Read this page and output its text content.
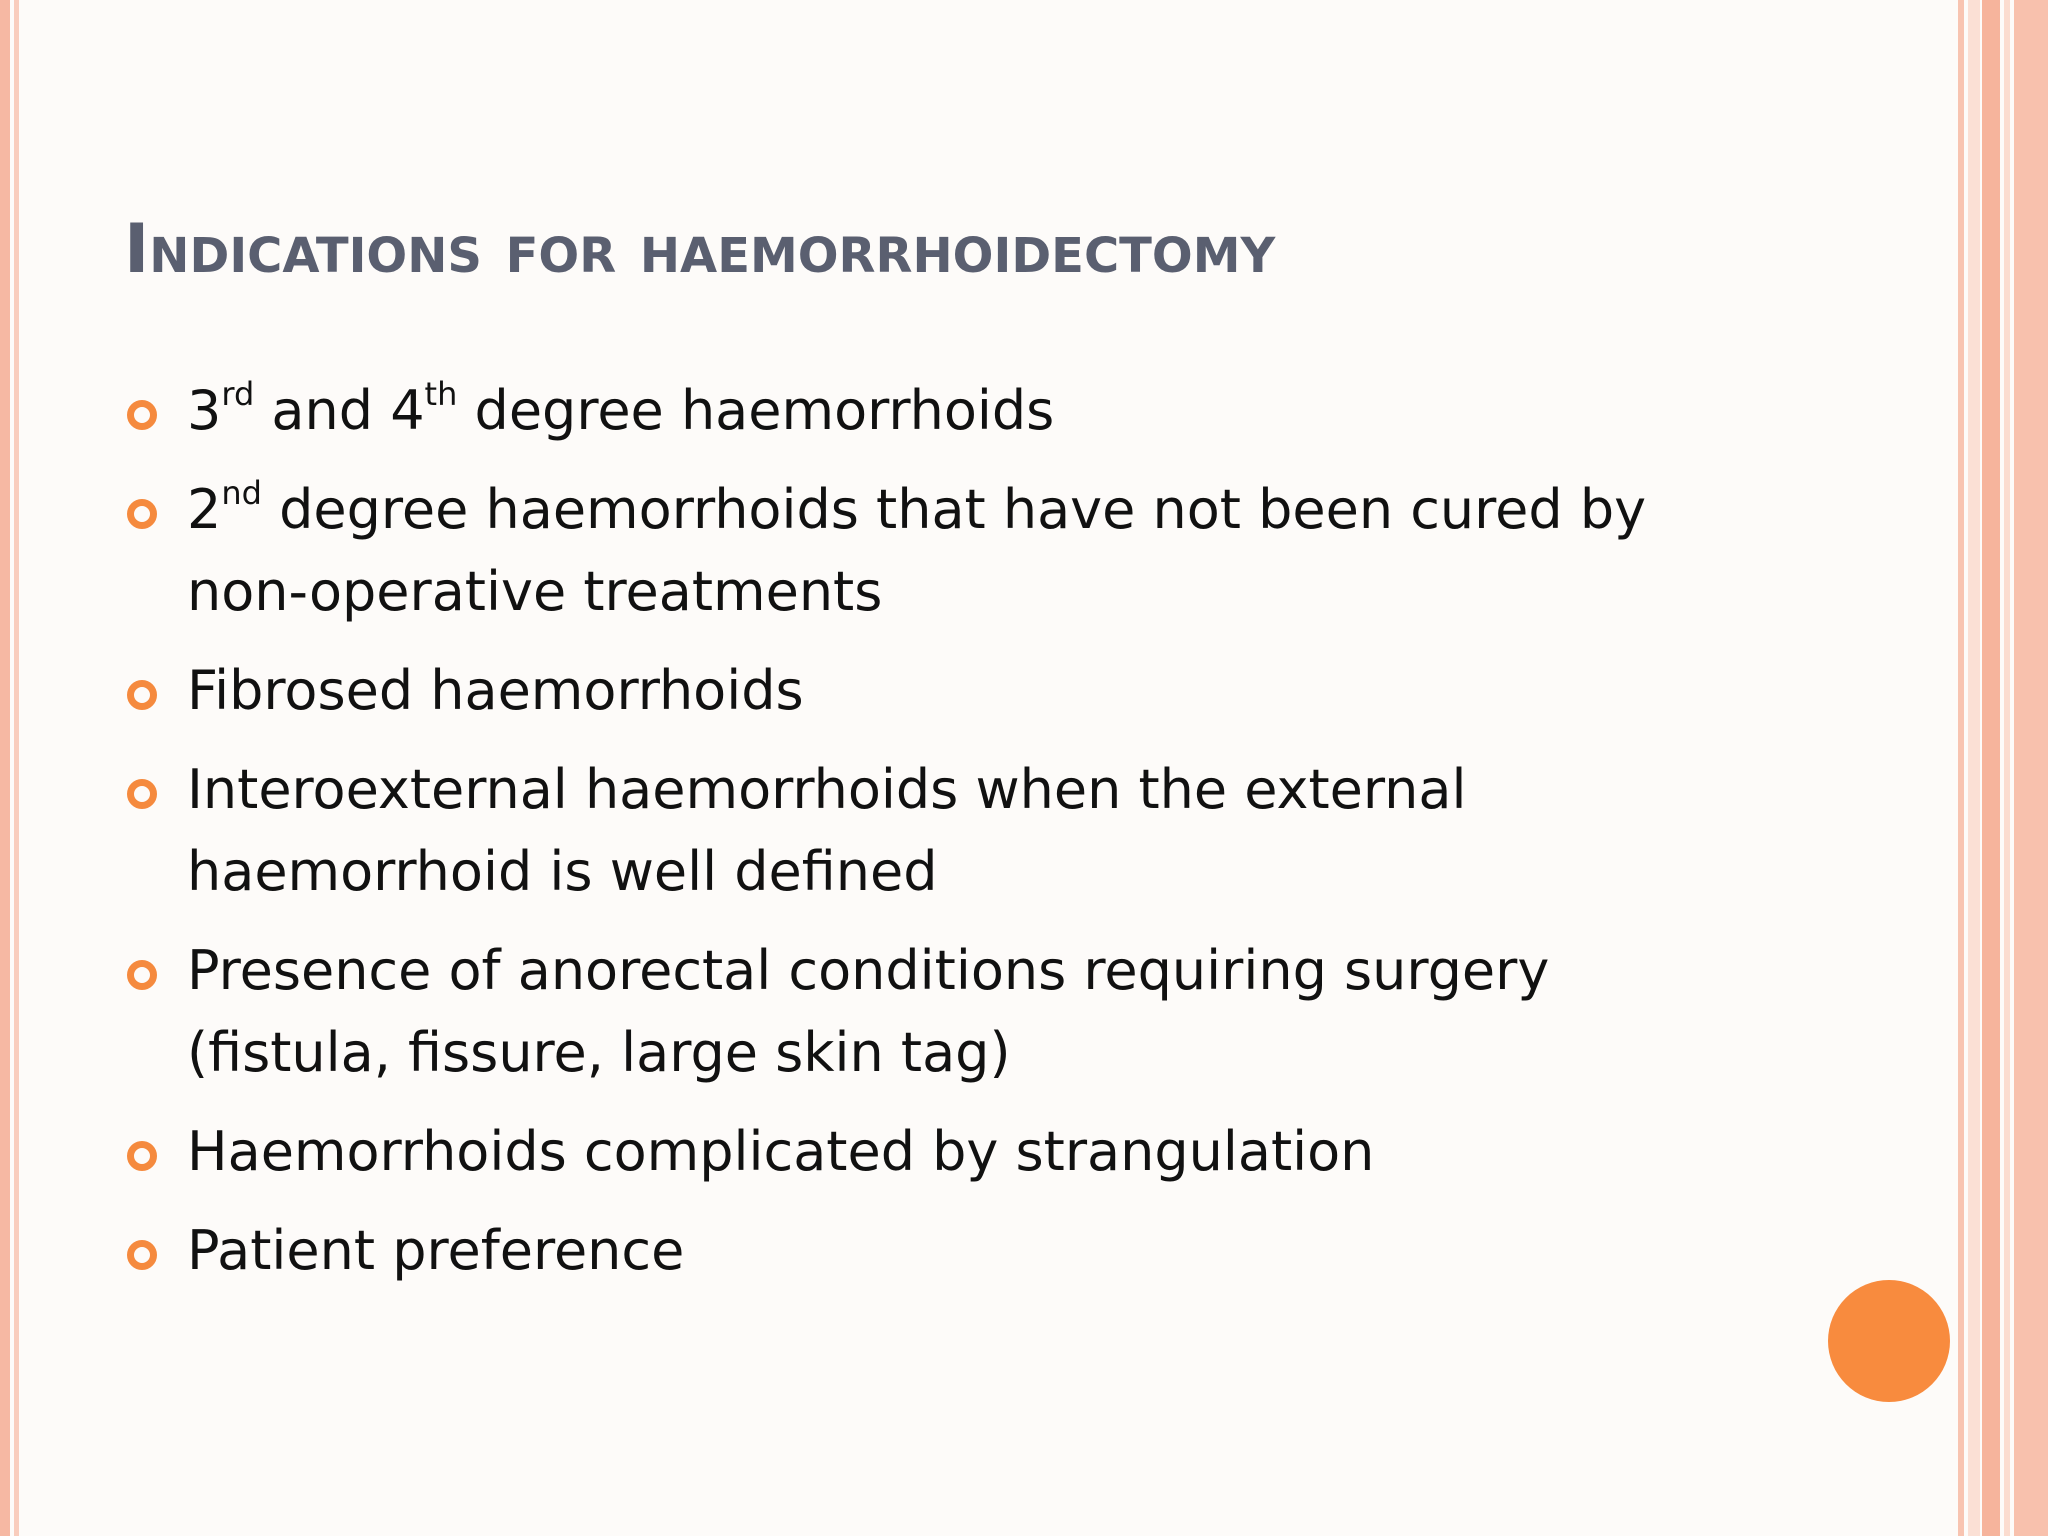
Indications for haemorrhoidectomy
3rd and 4th degree haemorrhoids
2nd degree haemorrhoids that have not been cured by non-operative treatments
Fibrosed haemorrhoids
Interoexternal haemorrhoids when the external haemorrhoid is well defined
Presence of anorectal conditions requiring surgery (fistula, fissure, large skin tag)
Haemorrhoids complicated by strangulation
Patient preference
